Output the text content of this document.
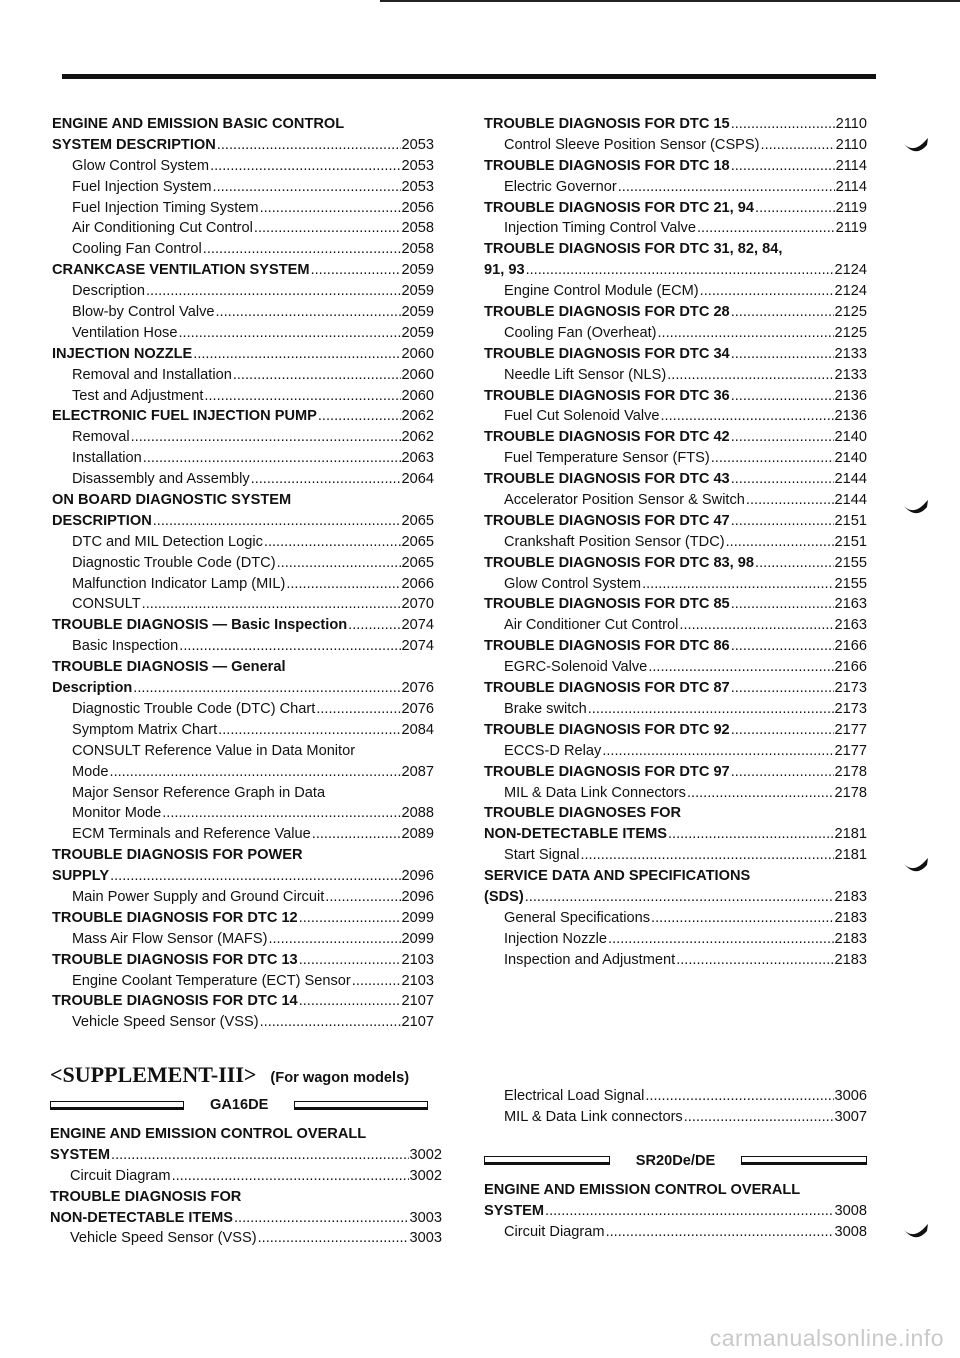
ENGINE AND EMISSION BASIC CONTROL
SYSTEM DESCRIPTION .....	2053
Glow Control System .....	2053
Fuel Injection System .....	2053
Fuel Injection Timing System .....	2056
Air Conditioning Cut Control .....	2058
Cooling Fan Control .....	2058
CRANKCASE VENTILATION SYSTEM .....	2059
Description .....	2059
Blow-by Control Valve .....	2059
Ventilation Hose .....	2059
INJECTION NOZZLE .....	2060
Removal and Installation .....	2060
Test and Adjustment .....	2060
ELECTRONIC FUEL INJECTION PUMP .....	2062
Removal .....	2062
Installation .....	2063
Disassembly and Assembly .....	2064
ON BOARD DIAGNOSTIC SYSTEM
DESCRIPTION .....	2065
DTC and MIL Detection Logic .....	2065
Diagnostic Trouble Code (DTC) .....	2065
Malfunction Indicator Lamp (MIL) .....	2066
CONSULT .....	2070
TROUBLE DIAGNOSIS — Basic Inspection .....	2074
Basic Inspection .....	2074
TROUBLE DIAGNOSIS — General
Description .....	2076
Diagnostic Trouble Code (DTC) Chart .....	2076
Symptom Matrix Chart .....	2084
CONSULT Reference Value in Data Monitor
Mode .....	2087
Major Sensor Reference Graph in Data
Monitor Mode .....	2088
ECM Terminals and Reference Value .....	2089
TROUBLE DIAGNOSIS FOR POWER
SUPPLY .....	2096
Main Power Supply and Ground Circuit .....	2096
TROUBLE DIAGNOSIS FOR DTC 12 .....	2099
Mass Air Flow Sensor (MAFS) .....	2099
TROUBLE DIAGNOSIS FOR DTC 13 .....	2103
Engine Coolant Temperature (ECT) Sensor .....	2103
TROUBLE DIAGNOSIS FOR DTC 14 .....	2107
Vehicle Speed Sensor (VSS) .....	2107
TROUBLE DIAGNOSIS FOR DTC 15 .....	2110
Control Sleeve Position Sensor (CSPS) .....	2110
TROUBLE DIAGNOSIS FOR DTC 18 .....	2114
Electric Governor .....	2114
TROUBLE DIAGNOSIS FOR DTC 21, 94 .....	2119
Injection Timing Control Valve .....	2119
TROUBLE DIAGNOSIS FOR DTC 31, 82, 84,
91, 93 .....	2124
Engine Control Module (ECM) .....	2124
TROUBLE DIAGNOSIS FOR DTC 28 .....	2125
Cooling Fan (Overheat) .....	2125
TROUBLE DIAGNOSIS FOR DTC 34 .....	2133
Needle Lift Sensor (NLS) .....	2133
TROUBLE DIAGNOSIS FOR DTC 36 .....	2136
Fuel Cut Solenoid Valve .....	2136
TROUBLE DIAGNOSIS FOR DTC 42 .....	2140
Fuel Temperature Sensor (FTS) .....	2140
TROUBLE DIAGNOSIS FOR DTC 43 .....	2144
Accelerator Position Sensor & Switch .....	2144
TROUBLE DIAGNOSIS FOR DTC 47 .....	2151
Crankshaft Position Sensor (TDC) .....	2151
TROUBLE DIAGNOSIS FOR DTC 83, 98 .....	2155
Glow Control System .....	2155
TROUBLE DIAGNOSIS FOR DTC 85 .....	2163
Air Conditioner Cut Control .....	2163
TROUBLE DIAGNOSIS FOR DTC 86 .....	2166
EGRC-Solenoid Valve .....	2166
TROUBLE DIAGNOSIS FOR DTC 87 .....	2173
Brake switch .....	2173
TROUBLE DIAGNOSIS FOR DTC 92 .....	2177
ECCS-D Relay .....	2177
TROUBLE DIAGNOSIS FOR DTC 97 .....	2178
MIL & Data Link Connectors .....	2178
TROUBLE DIAGNOSES FOR
NON-DETECTABLE ITEMS .....	2181
Start Signal .....	2181
SERVICE DATA AND SPECIFICATIONS
(SDS) .....	2183
General Specifications .....	2183
Injection Nozzle .....	2183
Inspection and Adjustment .....	2183
<SUPPLEMENT-III> (For wagon models)
GA16DE
ENGINE AND EMISSION CONTROL OVERALL
SYSTEM .....	3002
Circuit Diagram .....	3002
TROUBLE DIAGNOSIS FOR
NON-DETECTABLE ITEMS .....	3003
Vehicle Speed Sensor (VSS) .....	3003
Electrical Load Signal .....	3006
MIL & Data Link connectors .....	3007
SR20De/DE
ENGINE AND EMISSION CONTROL OVERALL
SYSTEM .....	3008
Circuit Diagram .....	3008
carmanualsonline.info
